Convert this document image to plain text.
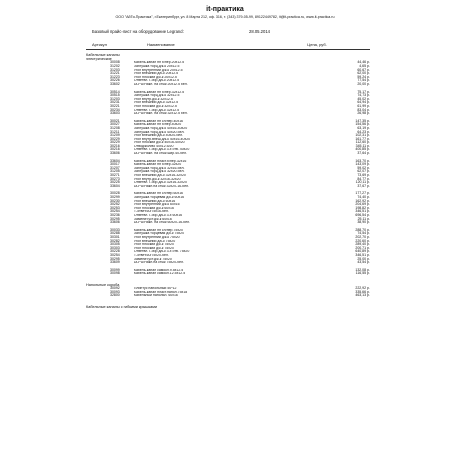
it-практика
ООО "АйТи-Практика", г.Екатеринбург, ул. 8 Марта 212, оф. 316, т. (343) 379-05-99, 89122449782, it@it-practica.ru, www.it-practica.ru
Базовый прайс-лист на оборудование Legrand:	28.05.2014
Артикул	Наименование	Цена, руб.
Кабельные каналы
электрические
30008	Кабель-канал пп б/пер.20х12.5	44,46 р.
31202	Заглушка торц.д/к-к 20х12.5	4,65 р.
31203	Угол внутренний д/к-к 20х12.5	60,67 р.
31221	Угол внешний д/к-к 20х12.5	62,00 р.
31223	Угол плоский д/к-к 20х12.5	59,24 р.
30226	Ответвл.Т-обр.д/к-к 20х12.5	77,54 р.
33602	DLPU/Накл. на стык 20х12.5 бел.	20,00 р.
30514	Кабель-канал пп б/пер.32х12.5	75,17 р.
30515	Заглушка торц.д/к-к 32х12.5	74,73 р.
31203	Угол внутр.д/к-к 32х12.5	45,02 р.
30231	Угол внешний д/к-к 32х12.5	64,94 р.
30221	Угол плоский д/к-к 32х12.5	61,99 р.
30234	Ответвл.Т-обр.д/к-к 32х12.5	83,04 р.
33603	DLPU/Накл. на стык 32х12.5 бел.	26,98 р.
30021	Кабель-канал пп сл/пер.40х16	147,35 р.
30027	Кабель-канал пп б/пер.40х20	154,56 р.
31208	Заглушка торц.д/к-к 40х16-40х20	63,19 р.
31211	Заглушка торц.д/к-к 40х20-бел.	64,23 р.
31209	Угол внешний д/к-к 40х20-бел.	102,31 р.
30229	Угол внутр.внеш.д/к-к 40х16-40х20	161,77 р.
30229	Угол плоский д/к-к 40х16-40х20	112,60 р.
30216	Отвод/кол/во 40х12.5/20	345,11 р.
30216	Ответвл.Т-обр.д/к-к 3-х отв. 40х20	400,85 р.
33606	DLPU/Накл. на стык шир.40-бел.	37,64 р.
33604	Кабель-канал пласт.б/пер.32х16	163,70 р.
30017	Кабель-канал пп б/пер.32х20	143,09 р.
31207	Заглушка торц.д/к-к 32х16-бел.	59,02 р.
31205	Заглушка торц.д/к-к 32х20-бел.	62,07 р.
30271	Угол внешний д/к-к 32х16-32х20	73,69 р.
30273	Угол внутр.д/к-к 32х16-32х20	84,77 р.
30225	Ответвл.Т-обр.д/к-к 32х16-32х20	120,11 р.
33604	DLPU/Накл.на стык 32х20-16-бел.	37,67 р.
30028	Кабель-канал пп сл/пер.60х16	177,27 р.
30299	Заглушка торцевая д/к-к 60х16	74,40 р.
30230	Угол внешний д/к-к 60х16	162,92 р.
30252	Угол внутренний д/к-к 60х16	204,69 р.
30253	Угол плоский д/к-к 60х16	198,82 р.
30254	Т-ответ.60/75х16-бел.	346,51 р.
30236	Ответвл.Т-обр.д/к-к 3-х 60х16	696,54 р.
30295	Заменит.уст.д/к-к 60х16	25,11 р.
33606	DLPU/Накл. на стык 60х20-16-бел.	38,90 р.
30033	Кабель-канал пп сл/пер.75х20	288,70 р.
30288	Заглушка торцевая д/к-к 75х20	74,54 р.
30301	Угол внутренний д/к-к 75х20	202,70 р.
30282	Угол внешний д/к-к 75х20	220,60 р.
30305	Угол плоский д/к-к 75х20	289,40 р.
30303	Угол плоский д/к-к 75х20	200,71 р.
30228	Ответвл.Т-обр.д/к-к 3-х отв. 75х20	640,89 р.
30254	Т-ответ.60/75х20-бел.	346,51 р.
30295	Заменит.уст.д/к-к 75х20	25,00 р.
33609	DLPU/Накл.на стык 75х20-бел.	43,54 р.
30099	Кабель-канал самокл.9.5х12.5	132,08 р.
30098	Кабель-канал самокл.12.5х12.5	116,55 р.
Напольные короба
30092	Плинтус напольный 50*12	222,92 р.
30093	Кабель-канал пласт.напол.75х18	335,66 р.
32800	Кабельный напольн. 60х16	463,13 р.
Кабельные каналы с гибкими крышками
